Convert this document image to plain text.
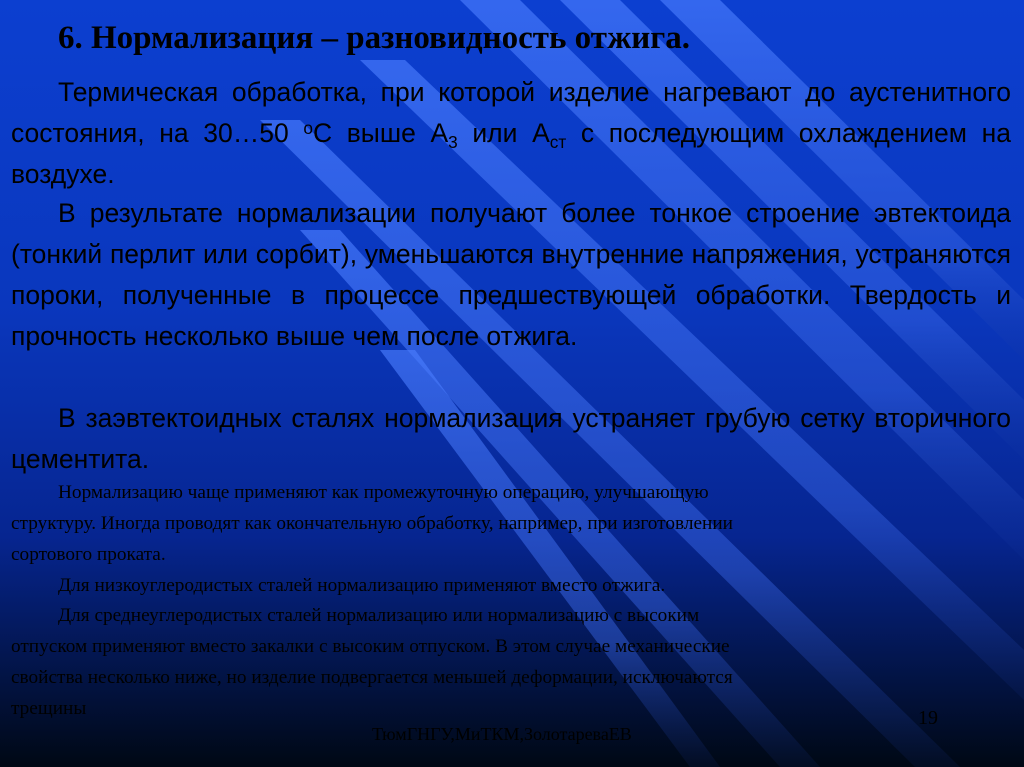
6. Нормализация – разновидность отжига.
Термическая обработка, при которой изделие нагревают до аустенитного состояния, на 30…50 $^о$С выше $А_3$ или $А_{ст}$ с последующим охлаждением на воздухе.
В результате нормализации получают более тонкое строение эвтектоида (тонкий перлит или сорбит), уменьшаются внутренние напряжения, устраняются пороки, полученные в процессе предшествующей обработки. Твердость и прочность несколько выше чем после отжига.
В заэвтектоидных сталях нормализация устраняет грубую сетку вторичного цементита.
Нормализацию чаще применяют как промежуточную операцию, улучшающую
структуру. Иногда проводят как окончательную обработку, например, при изготовлении
сортового проката.
Для низкоуглеродистых сталей нормализацию применяют вместо отжига.
Для среднеуглеродистых сталей нормализацию или нормализацию с высоким
отпуском применяют вместо закалки с высоким отпуском. В этом случае механические
свойства несколько ниже, но изделие подвергается меньшей деформации, исключаются
трещины	19
ТюмГНГУ,МиТКМ,ЗолотареваЕВ
